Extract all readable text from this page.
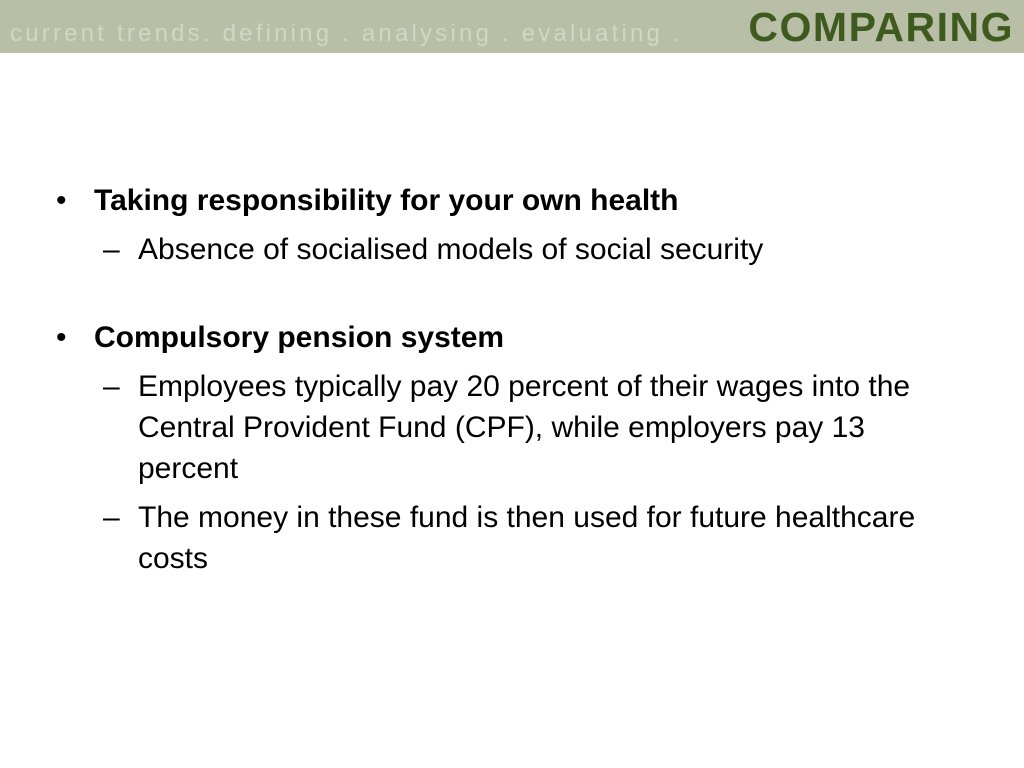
current trends. defining . analysing . evaluating . COMPARING
• Taking responsibility for your own health
– Absence of socialised models of social security
• Compulsory pension system
– Employees typically pay 20 percent of their wages into the Central Provident Fund (CPF), while employers pay 13 percent
– The money in these fund is then used for future healthcare costs
